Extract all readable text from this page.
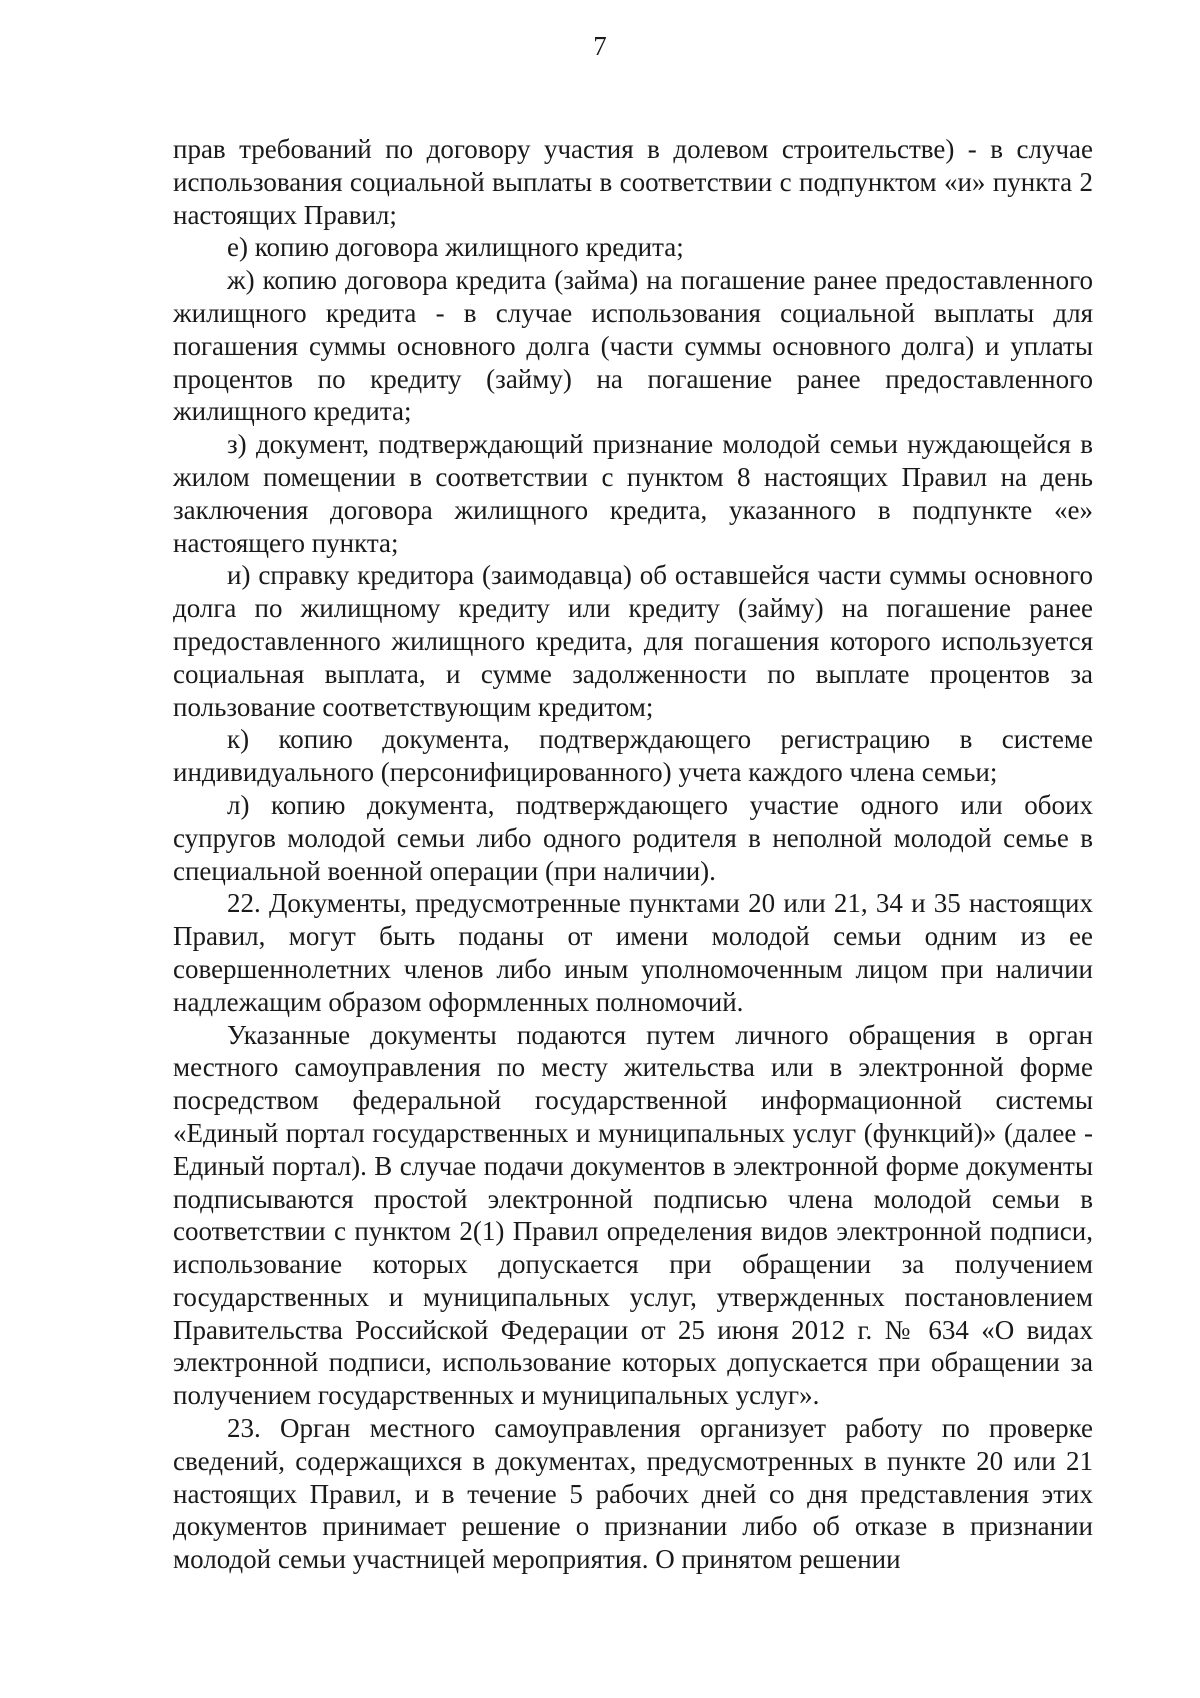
7

прав требований по договору участия в долевом строительстве) - в случае использования социальной выплаты в соответствии с подпунктом «и» пункта 2 настоящих Правил;

е) копию договора жилищного кредита;

ж) копию договора кредита (займа) на погашение ранее предоставленного жилищного кредита - в случае использования социальной выплаты для погашения суммы основного долга (части суммы основного долга) и уплаты процентов по кредиту (займу) на погашение ранее предоставленного жилищного кредита;

з) документ, подтверждающий признание молодой семьи нуждающейся в жилом помещении в соответствии с пунктом 8 настоящих Правил на день заключения договора жилищного кредита, указанного в подпункте «е» настоящего пункта;

и) справку кредитора (заимодавца) об оставшейся части суммы основного долга по жилищному кредиту или кредиту (займу) на погашение ранее предоставленного жилищного кредита, для погашения которого используется социальная выплата, и сумме задолженности по выплате процентов за пользование соответствующим кредитом;

к) копию документа, подтверждающего регистрацию в системе индивидуального (персонифицированного) учета каждого члена семьи;

л) копию документа, подтверждающего участие одного или обоих супругов молодой семьи либо одного родителя в неполной молодой семье в специальной военной операции (при наличии).

22. Документы, предусмотренные пунктами 20 или 21, 34 и 35 настоящих Правил, могут быть поданы от имени молодой семьи одним из ее совершеннолетних членов либо иным уполномоченным лицом при наличии надлежащим образом оформленных полномочий.

Указанные документы подаются путем личного обращения в орган местного самоуправления по месту жительства или в электронной форме посредством федеральной государственной информационной системы «Единый портал государственных и муниципальных услуг (функций)» (далее - Единый портал). В случае подачи документов в электронной форме документы подписываются простой электронной подписью члена молодой семьи в соответствии с пунктом 2(1) Правил определения видов электронной подписи, использование которых допускается при обращении за получением государственных и муниципальных услуг, утвержденных постановлением Правительства Российской Федерации от 25 июня 2012 г. № 634 «О видах электронной подписи, использование которых допускается при обращении за получением государственных и муниципальных услуг».

23. Орган местного самоуправления организует работу по проверке сведений, содержащихся в документах, предусмотренных в пункте 20 или 21 настоящих Правил, и в течение 5 рабочих дней со дня представления этих документов принимает решение о признании либо об отказе в признании молодой семьи участницей мероприятия. О принятом решении
